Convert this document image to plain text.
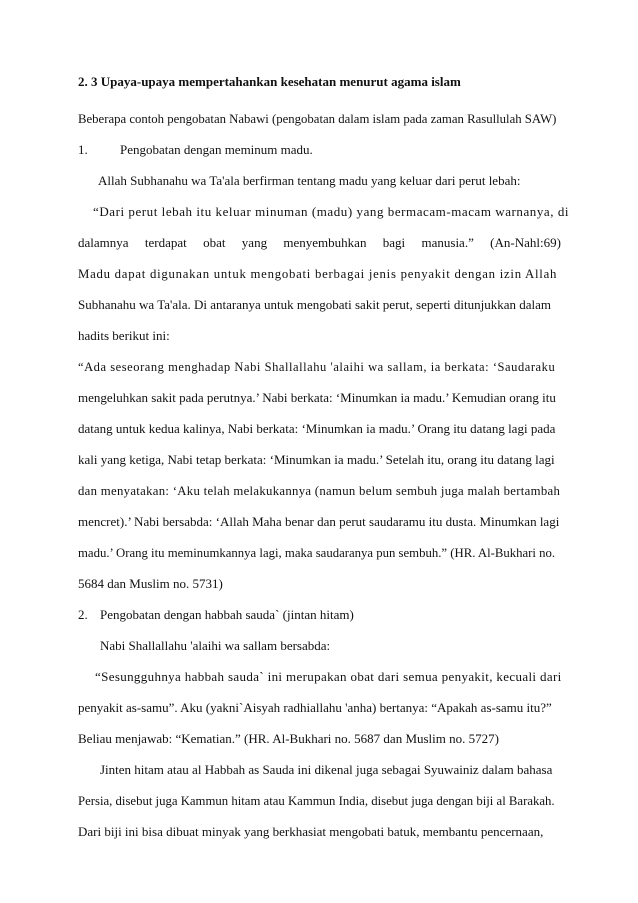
2. 3 Upaya-upaya mempertahankan kesehatan menurut agama islam
Beberapa contoh pengobatan Nabawi (pengobatan dalam islam pada zaman Rasullulah SAW)
1. Pengobatan dengan meminum madu.
Allah Subhanahu wa Ta'ala berfirman tentang madu yang keluar dari perut lebah:
“Dari perut lebah itu keluar minuman (madu) yang bermacam-macam warnanya, di
dalamnya terdapat obat yang menyembuhkan bagi manusia.” (An-Nahl:69)
Madu dapat digunakan untuk mengobati berbagai jenis penyakit dengan izin Allah
Subhanahu wa Ta'ala. Di antaranya untuk mengobati sakit perut, seperti ditunjukkan dalam
hadits berikut ini:
“Ada seseorang menghadap Nabi Shallallahu 'alaihi wa sallam, ia berkata: ‘Saudaraku
mengeluhkan sakit pada perutnya.’ Nabi berkata: ‘Minumkan ia madu.’ Kemudian orang itu
datang untuk kedua kalinya, Nabi berkata: ‘Minumkan ia madu.’ Orang itu datang lagi pada
kali yang ketiga, Nabi tetap berkata: ‘Minumkan ia madu.’ Setelah itu, orang itu datang lagi
dan menyatakan: ‘Aku telah melakukannya (namun belum sembuh juga malah bertambah
mencret).’ Nabi bersabda: ‘Allah Maha benar dan perut saudaramu itu dusta. Minumkan lagi
madu.’ Orang itu meminumkannya lagi, maka saudaranya pun sembuh.” (HR. Al-Bukhari no.
5684 dan Muslim no. 5731)
2. Pengobatan dengan habbah sauda` (jintan hitam)
Nabi Shallallahu 'alaihi wa sallam bersabda:
“Sesungguhnya habbah sauda` ini merupakan obat dari semua penyakit, kecuali dari
penyakit as-samu”. Aku (yakni`Aisyah radhiallahu 'anha) bertanya: “Apakah as-samu itu?”
Beliau menjawab: “Kematian.” (HR. Al-Bukhari no. 5687 dan Muslim no. 5727)
Jinten hitam atau al Habbah as Sauda ini dikenal juga sebagai Syuwainiz dalam bahasa
Persia, disebut juga Kammun hitam atau Kammun India, disebut juga dengan biji al Barakah.
Dari biji ini bisa dibuat minyak yang berkhasiat mengobati batuk, membantu pencernaan,
